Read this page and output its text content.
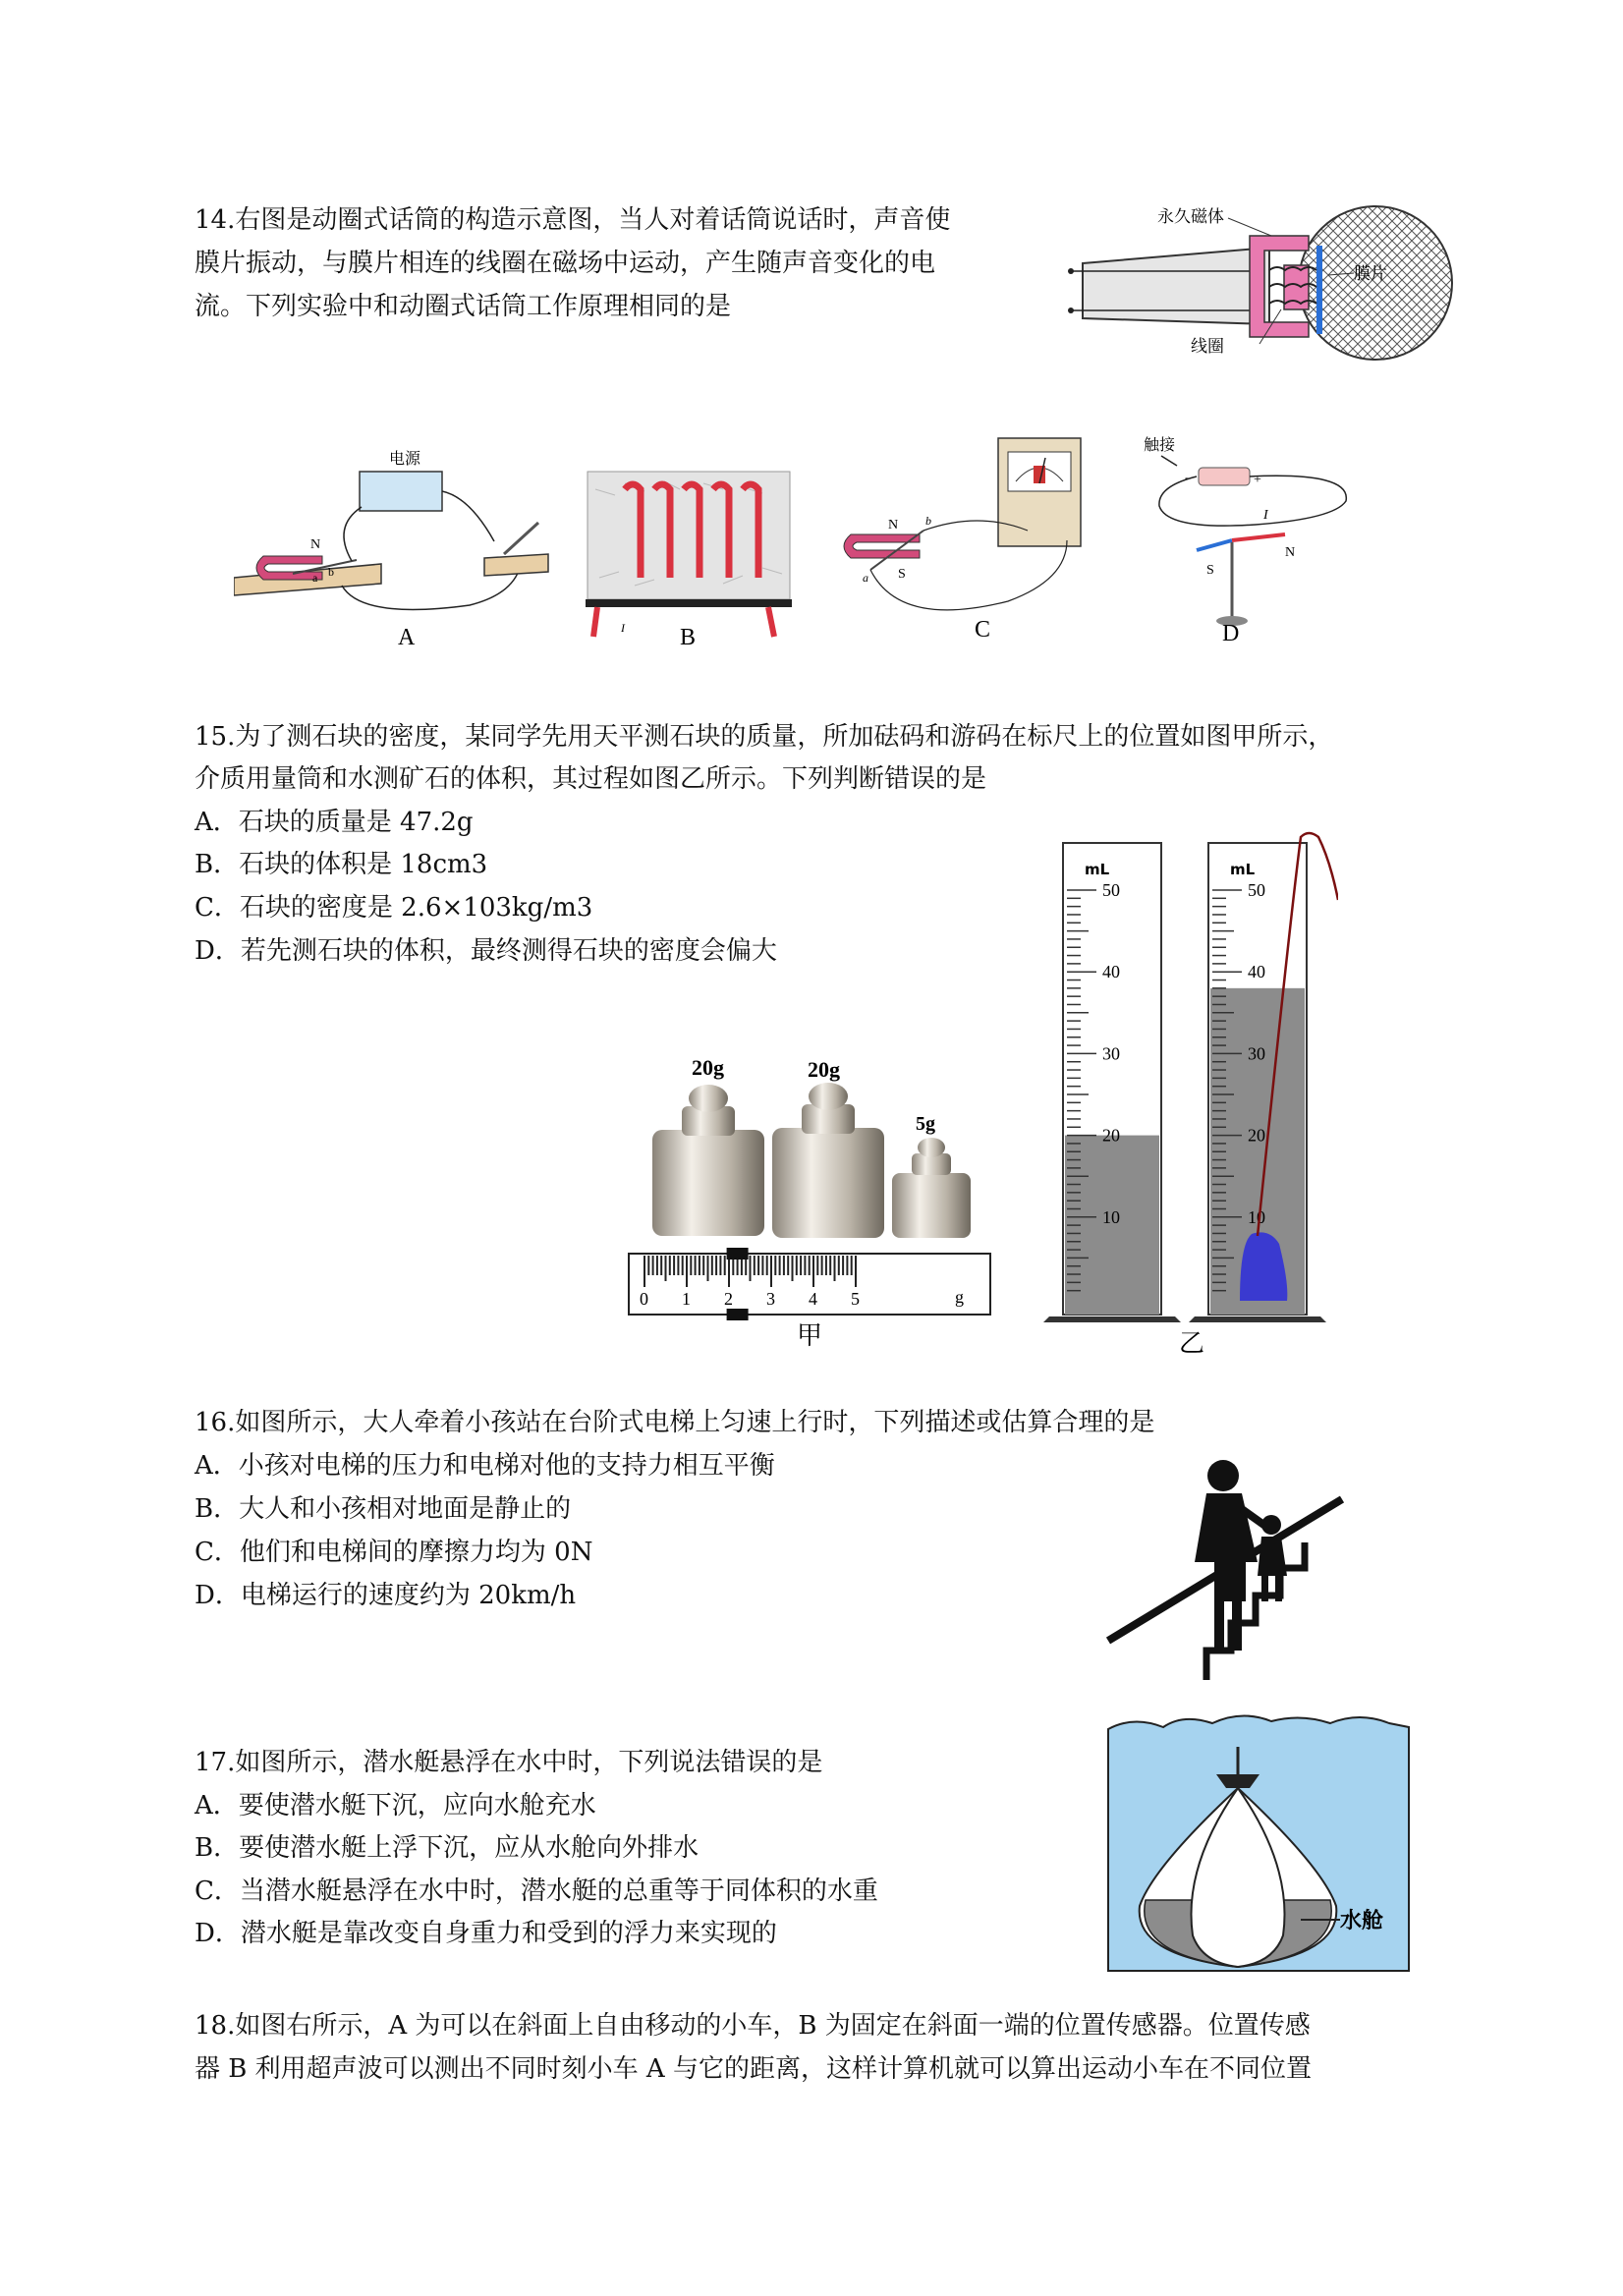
14.右图是动圈式话筒的构造示意图，当人对着话筒说话时，声音使
膜片振动，与膜片相连的线圈在磁场中运动，产生随声音变化的电
流。下列实验中和动圈式话筒工作原理相同的是
永久磁体
膜片
线圈
电源
N
a b
A	I B
N
S
a
b
C
触接
-	+
I
S
N
D
15.为了测石块的密度，某同学先用天平测石块的质量，所加砝码和游码在标尺上的位置如图甲所示，
介质用量筒和水测矿石的体积，其过程如图乙所示。下列判断错误的是
A．石块的质量是 47.2g
B．石块的体积是 18cm3
C．石块的密度是 2.6×103kg/m3
D．若先测石块的体积，最终测得石块的密度会偏大
20g	20g
5g
0 1 2 3 4 5	g
甲
mL
50
40
30
20
10
mL
50
40
30
20
10
乙
16.如图所示，大人牵着小孩站在台阶式电梯上匀速上行时，下列描述或估算合理的是
A．小孩对电梯的压力和电梯对他的支持力相互平衡
B．大人和小孩相对地面是静止的
C．他们和电梯间的摩擦力均为 0N
D．电梯运行的速度约为 20km/h
17.如图所示，潜水艇悬浮在水中时，下列说法错误的是
A．要使潜水艇下沉，应向水舱充水
B．要使潜水艇上浮下沉，应从水舱向外排水
C．当潜水艇悬浮在水中时，潜水艇的总重等于同体积的水重
D．潜水艇是靠改变自身重力和受到的浮力来实现的	水舱
18.如图右所示，A 为可以在斜面上自由移动的小车，B 为固定在斜面一端的位置传感器。位置传感
器 B 利用超声波可以测出不同时刻小车 A 与它的距离，这样计算机就可以算出运动小车在不同位置
